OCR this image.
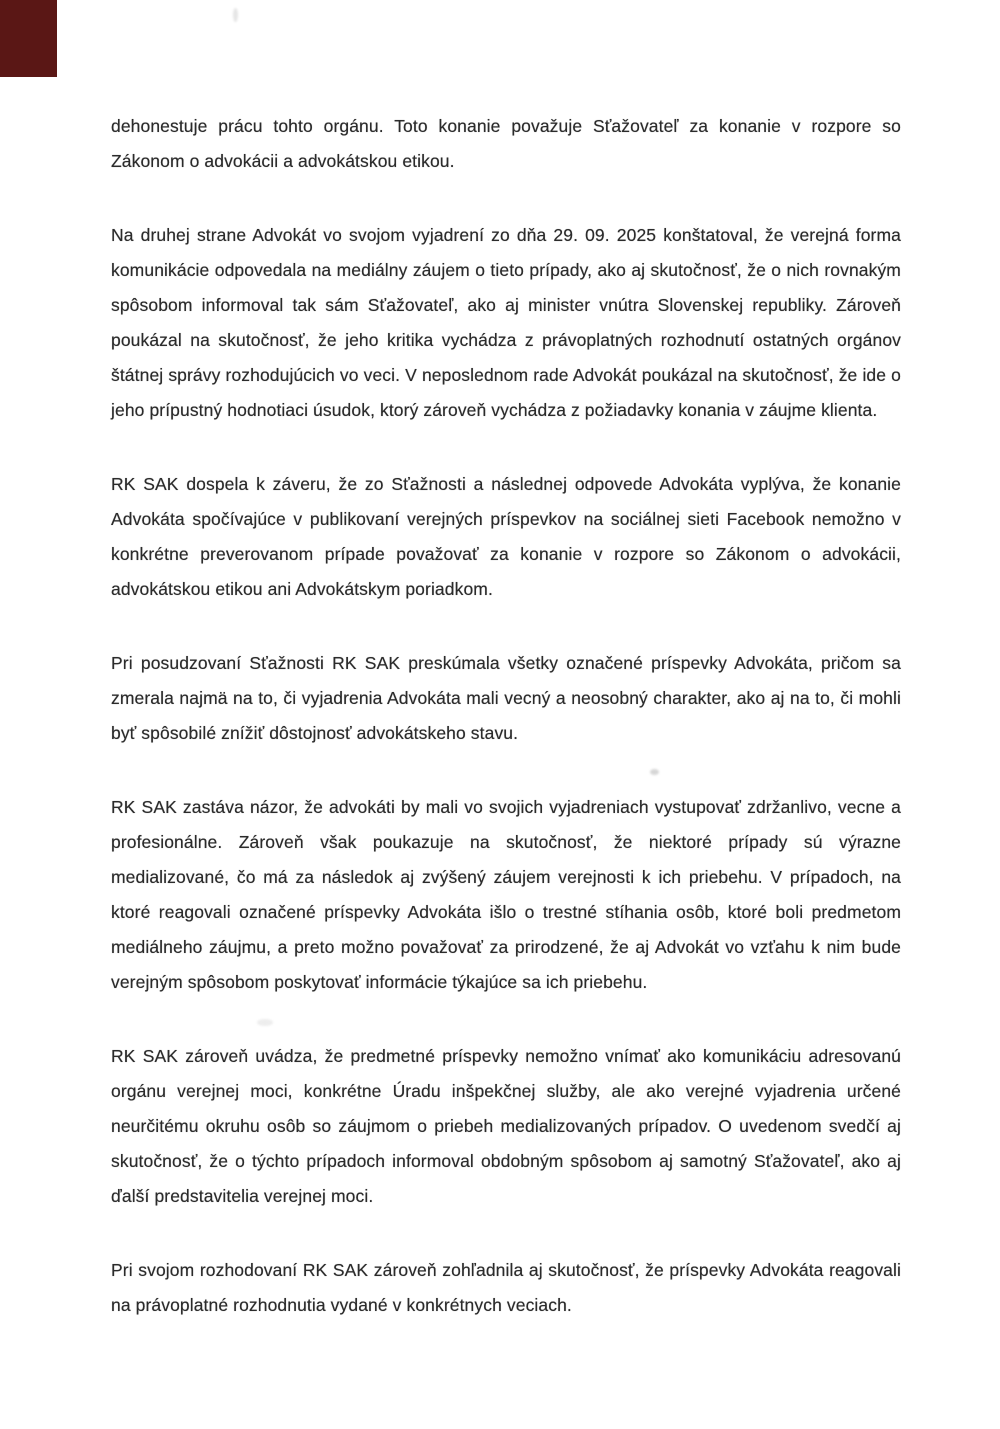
dehonestuje prácu tohto orgánu. Toto konanie považuje Sťažovateľ za konanie v rozpore so Zákonom o advokácii a advokátskou etikou.
Na druhej strane Advokát vo svojom vyjadrení zo dňa 29. 09. 2025 konštatoval, že verejná forma komunikácie odpovedala na mediálny záujem o tieto prípady, ako aj skutočnosť, že o nich rovnakým spôsobom informoval tak sám Sťažovateľ, ako aj minister vnútra Slovenskej republiky. Zároveň poukázal na skutočnosť, že jeho kritika vychádza z právoplatných rozhodnutí ostatných orgánov štátnej správy rozhodujúcich vo veci. V neposlednom rade Advokát poukázal na skutočnosť, že ide o jeho prípustný hodnotiaci úsudok, ktorý zároveň vychádza z požiadavky konania v záujme klienta.
RK SAK dospela k záveru, že zo Sťažnosti a následnej odpovede Advokáta vyplýva, že konanie Advokáta spočívajúce v publikovaní verejných príspevkov na sociálnej sieti Facebook nemožno v konkrétne preverovanom prípade považovať za konanie v rozpore so Zákonom o advokácii, advokátskou etikou ani Advokátskym poriadkom.
Pri posudzovaní Sťažnosti RK SAK preskúmala všetky označené príspevky Advokáta, pričom sa zmerala najmä na to, či vyjadrenia Advokáta mali vecný a neosobný charakter, ako aj na to, či mohli byť spôsobilé znížiť dôstojnosť advokátskeho stavu.
RK SAK zastáva názor, že advokáti by mali vo svojich vyjadreniach vystupovať zdržanlivo, vecne a profesionálne. Zároveň však poukazuje na skutočnosť, že niektoré prípady sú výrazne medializované, čo má za následok aj zvýšený záujem verejnosti k ich priebehu. V prípadoch, na ktoré reagovali označené príspevky Advokáta išlo o trestné stíhania osôb, ktoré boli predmetom mediálneho záujmu, a preto možno považovať za prirodzené, že aj Advokát vo vzťahu k nim bude verejným spôsobom poskytovať informácie týkajúce sa ich priebehu.
RK SAK zároveň uvádza, že predmetné príspevky nemožno vnímať ako komunikáciu adresovanú orgánu verejnej moci, konkrétne Úradu inšpekčnej služby, ale ako verejné vyjadrenia určené neurčitému okruhu osôb so záujmom o priebeh medializovaných prípadov. O uvedenom svedčí aj skutočnosť, že o týchto prípadoch informoval obdobným spôsobom aj samotný Sťažovateľ, ako aj ďalší predstavitelia verejnej moci.
Pri svojom rozhodovaní RK SAK zároveň zohľadnila aj skutočnosť, že príspevky Advokáta reagovali na právoplatné rozhodnutia vydané v konkrétnych veciach.
